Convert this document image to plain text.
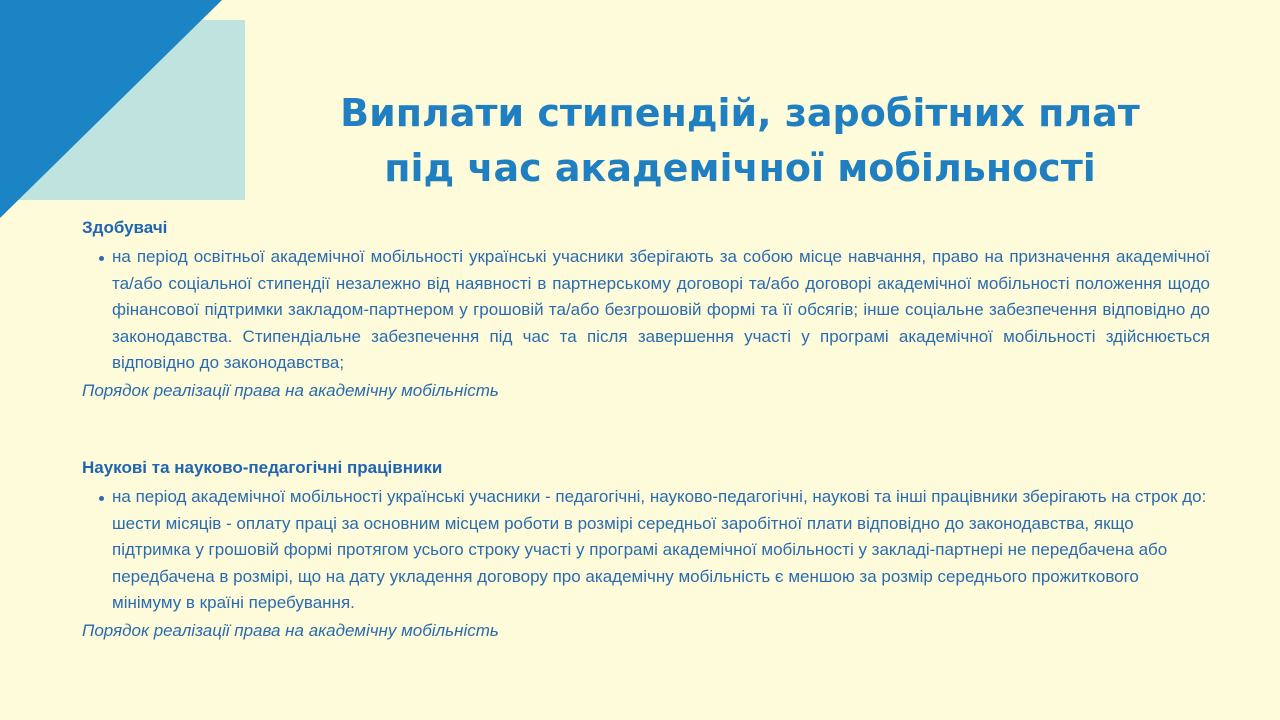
Виплати стипендій, заробітних плат
під час академічної мобільності
Здобувачі
на період освітньої академічної мобільності українські учасники зберігають за собою місце навчання, право на призначення академічної та/або соціальної стипендії незалежно від наявності в партнерському договорі та/або договорі академічної мобільності положення щодо фінансової підтримки закладом-партнером у грошовій та/або безгрошовій формі та її обсягів; інше соціальне забезпечення відповідно до законодавства. Стипендіальне забезпечення під час та після завершення участі у програмі академічної мобільності здійснюється відповідно до законодавства;
Порядок реалізації права на академічну мобільність
Наукові та науково-педагогічні працівники
на період академічної мобільності українські учасники - педагогічні, науково-педагогічні, наукові та інші працівники зберігають на строк до: шести місяців - оплату праці за основним місцем роботи в розмірі середньої заробітної плати відповідно до законодавства, якщо підтримка у грошовій формі протягом усього строку участі у програмі академічної мобільності у закладі-партнері не передбачена або передбачена в розмірі, що на дату укладення договору про академічну мобільність є меншою за розмір середнього прожиткового мінімуму в країні перебування.
Порядок реалізації права на академічну мобільність
